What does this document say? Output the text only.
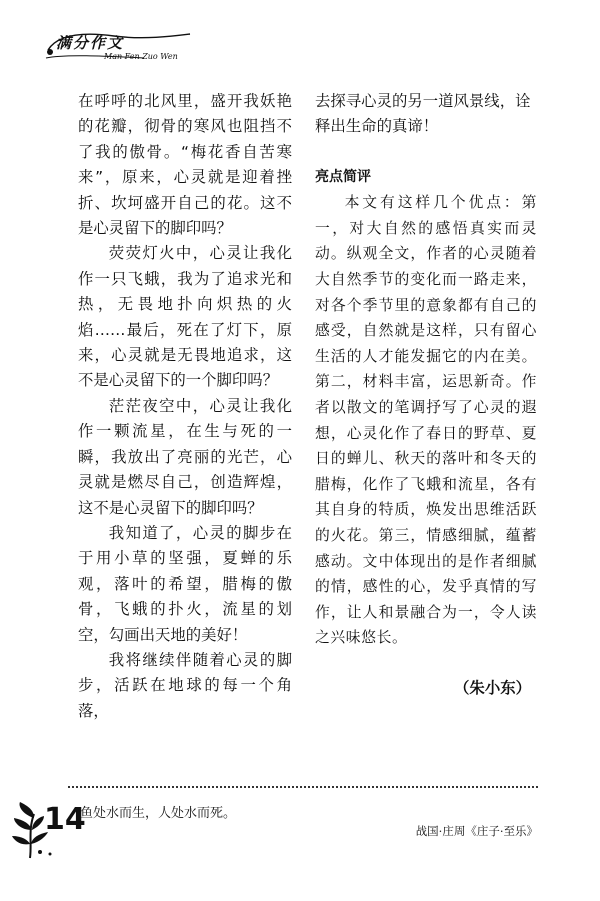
满分作文
Man Fen Zuo Wen

在呼呼的北风里，盛开我妖艳的花瓣，彻骨的寒风也阻挡不了我的傲骨。“梅花香自苦寒来”，原来，心灵就是迎着挫折、坎坷盛开自己的花。这不是心灵留下的脚印吗？

荧荧灯火中，心灵让我化作一只飞蛾，我为了追求光和热，无畏地扑向炽热的火焰……最后，死在了灯下，原来，心灵就是无畏地追求，这不是心灵留下的一个脚印吗？

茫茫夜空中，心灵让我化作一颗流星，在生与死的一瞬，我放出了亮丽的光芒，心灵就是燃尽自己，创造辉煌，这不是心灵留下的脚印吗？

我知道了，心灵的脚步在于用小草的坚强，夏蝉的乐观，落叶的希望，腊梅的傲骨，飞蛾的扑火，流星的划空，勾画出天地的美好！

我将继续伴随着心灵的脚步，活跃在地球的每一个角落，

去探寻心灵的另一道风景线，诠释出生命的真谛！

亮点简评

本文有这样几个优点：第一，对大自然的感悟真实而灵动。纵观全文，作者的心灵随着大自然季节的变化而一路走来，对各个季节里的意象都有自己的感受，自然就是这样，只有留心生活的人才能发掘它的内在美。第二，材料丰富，运思新奇。作者以散文的笔调抒写了心灵的遐想，心灵化作了春日的野草、夏日的蝉儿、秋天的落叶和冬天的腊梅，化作了飞蛾和流星，各有其自身的特质，焕发出思维活跃的火花。第三，情感细腻，蕴蓄感动。文中体现出的是作者细腻的情，感性的心，发乎真情的写作，让人和景融合为一，令人读之兴味悠长。

（朱小东）

14
鱼处水而生，人处水而死。
战国·庄周《庄子·至乐》
